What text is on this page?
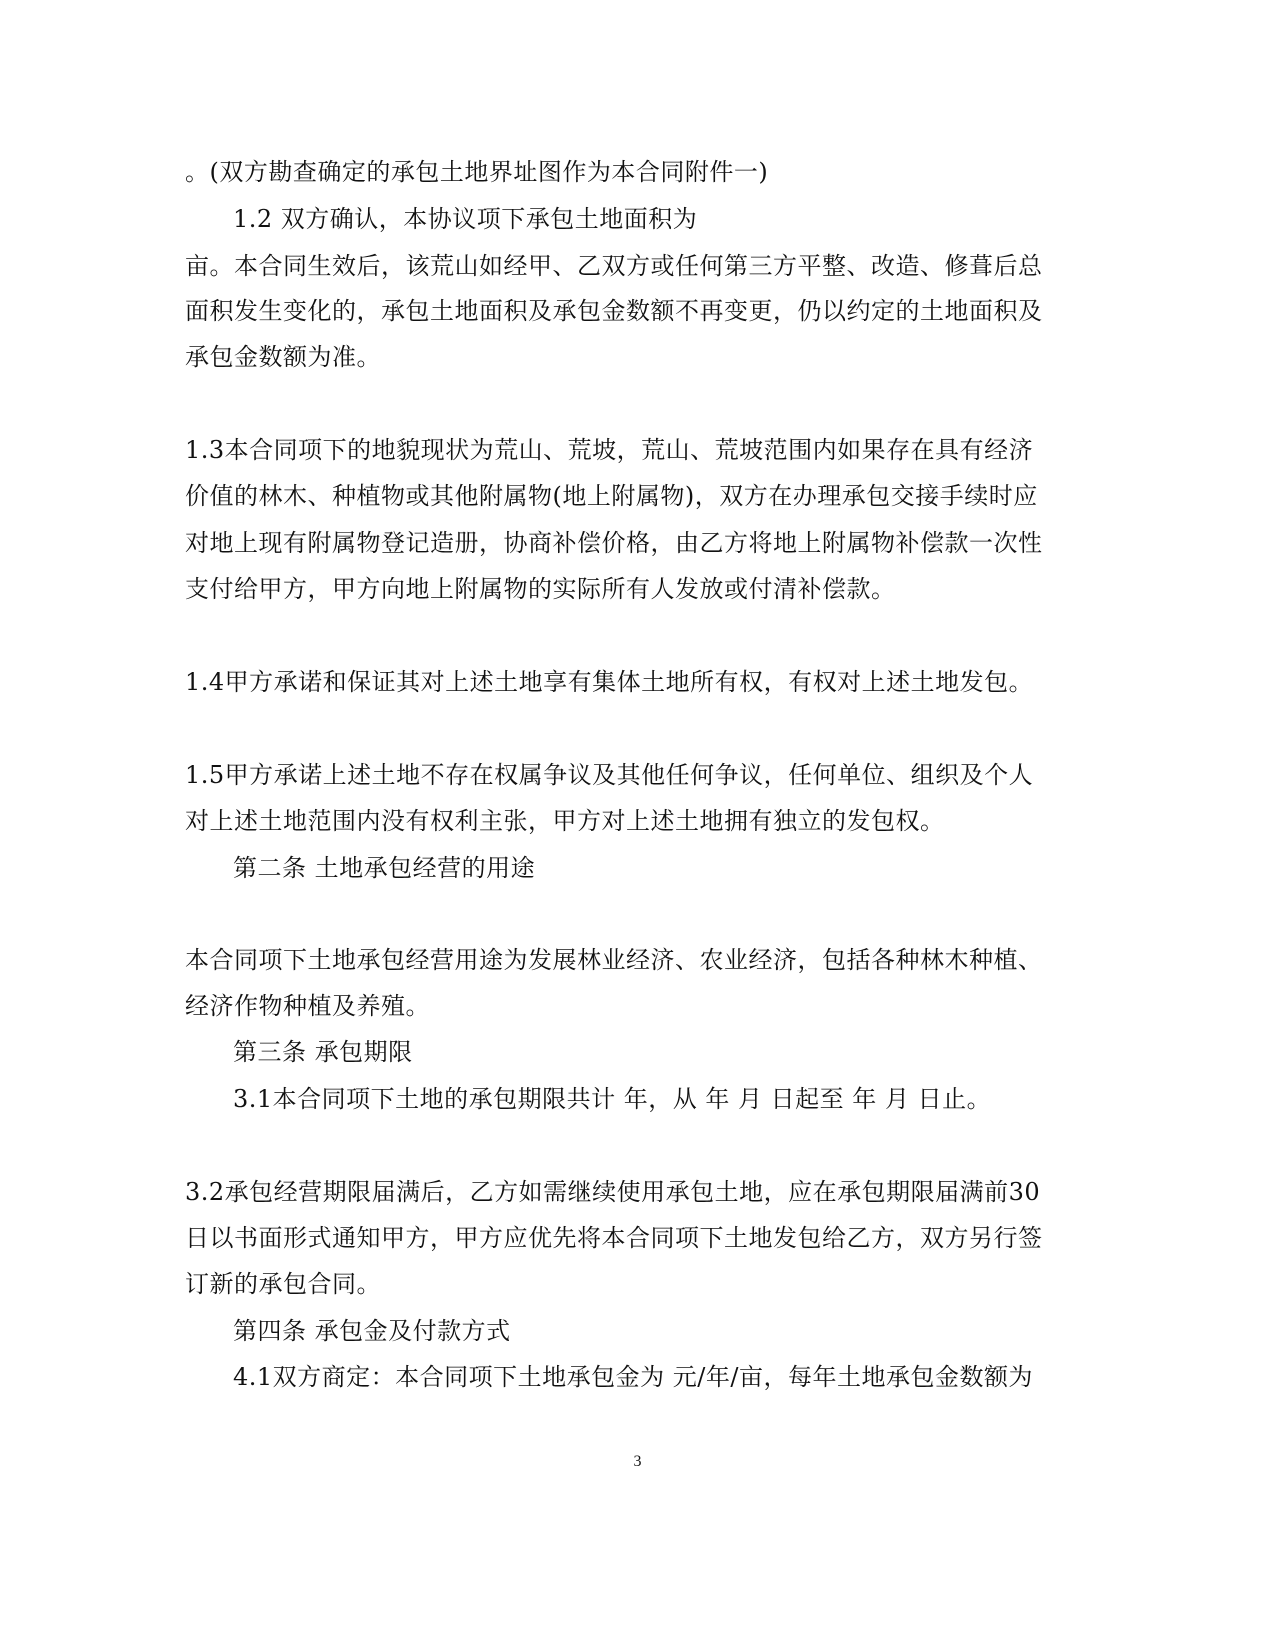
。(双方勘查确定的承包土地界址图作为本合同附件一)
1.2 双方确认，本协议项下承包土地面积为
亩。本合同生效后，该荒山如经甲、乙双方或任何第三方平整、改造、修葺后总
面积发生变化的，承包土地面积及承包金数额不再变更，仍以约定的土地面积及
承包金数额为准。
1.3本合同项下的地貌现状为荒山、荒坡，荒山、荒坡范围内如果存在具有经济
价值的林木、种植物或其他附属物(地上附属物)，双方在办理承包交接手续时应
对地上现有附属物登记造册，协商补偿价格，由乙方将地上附属物补偿款一次性
支付给甲方，甲方向地上附属物的实际所有人发放或付清补偿款。
1.4甲方承诺和保证其对上述土地享有集体土地所有权，有权对上述土地发包。
1.5甲方承诺上述土地不存在权属争议及其他任何争议，任何单位、组织及个人
对上述土地范围内没有权利主张，甲方对上述土地拥有独立的发包权。
第二条 土地承包经营的用途
本合同项下土地承包经营用途为发展林业经济、农业经济，包括各种林木种植、
经济作物种植及养殖。
第三条 承包期限
3.1本合同项下土地的承包期限共计 年，从 年 月 日起至 年 月 日止。
3.2承包经营期限届满后，乙方如需继续使用承包土地，应在承包期限届满前30
日以书面形式通知甲方，甲方应优先将本合同项下土地发包给乙方，双方另行签
订新的承包合同。
第四条 承包金及付款方式
4.1双方商定：本合同项下土地承包金为 元/年/亩，每年土地承包金数额为
3
